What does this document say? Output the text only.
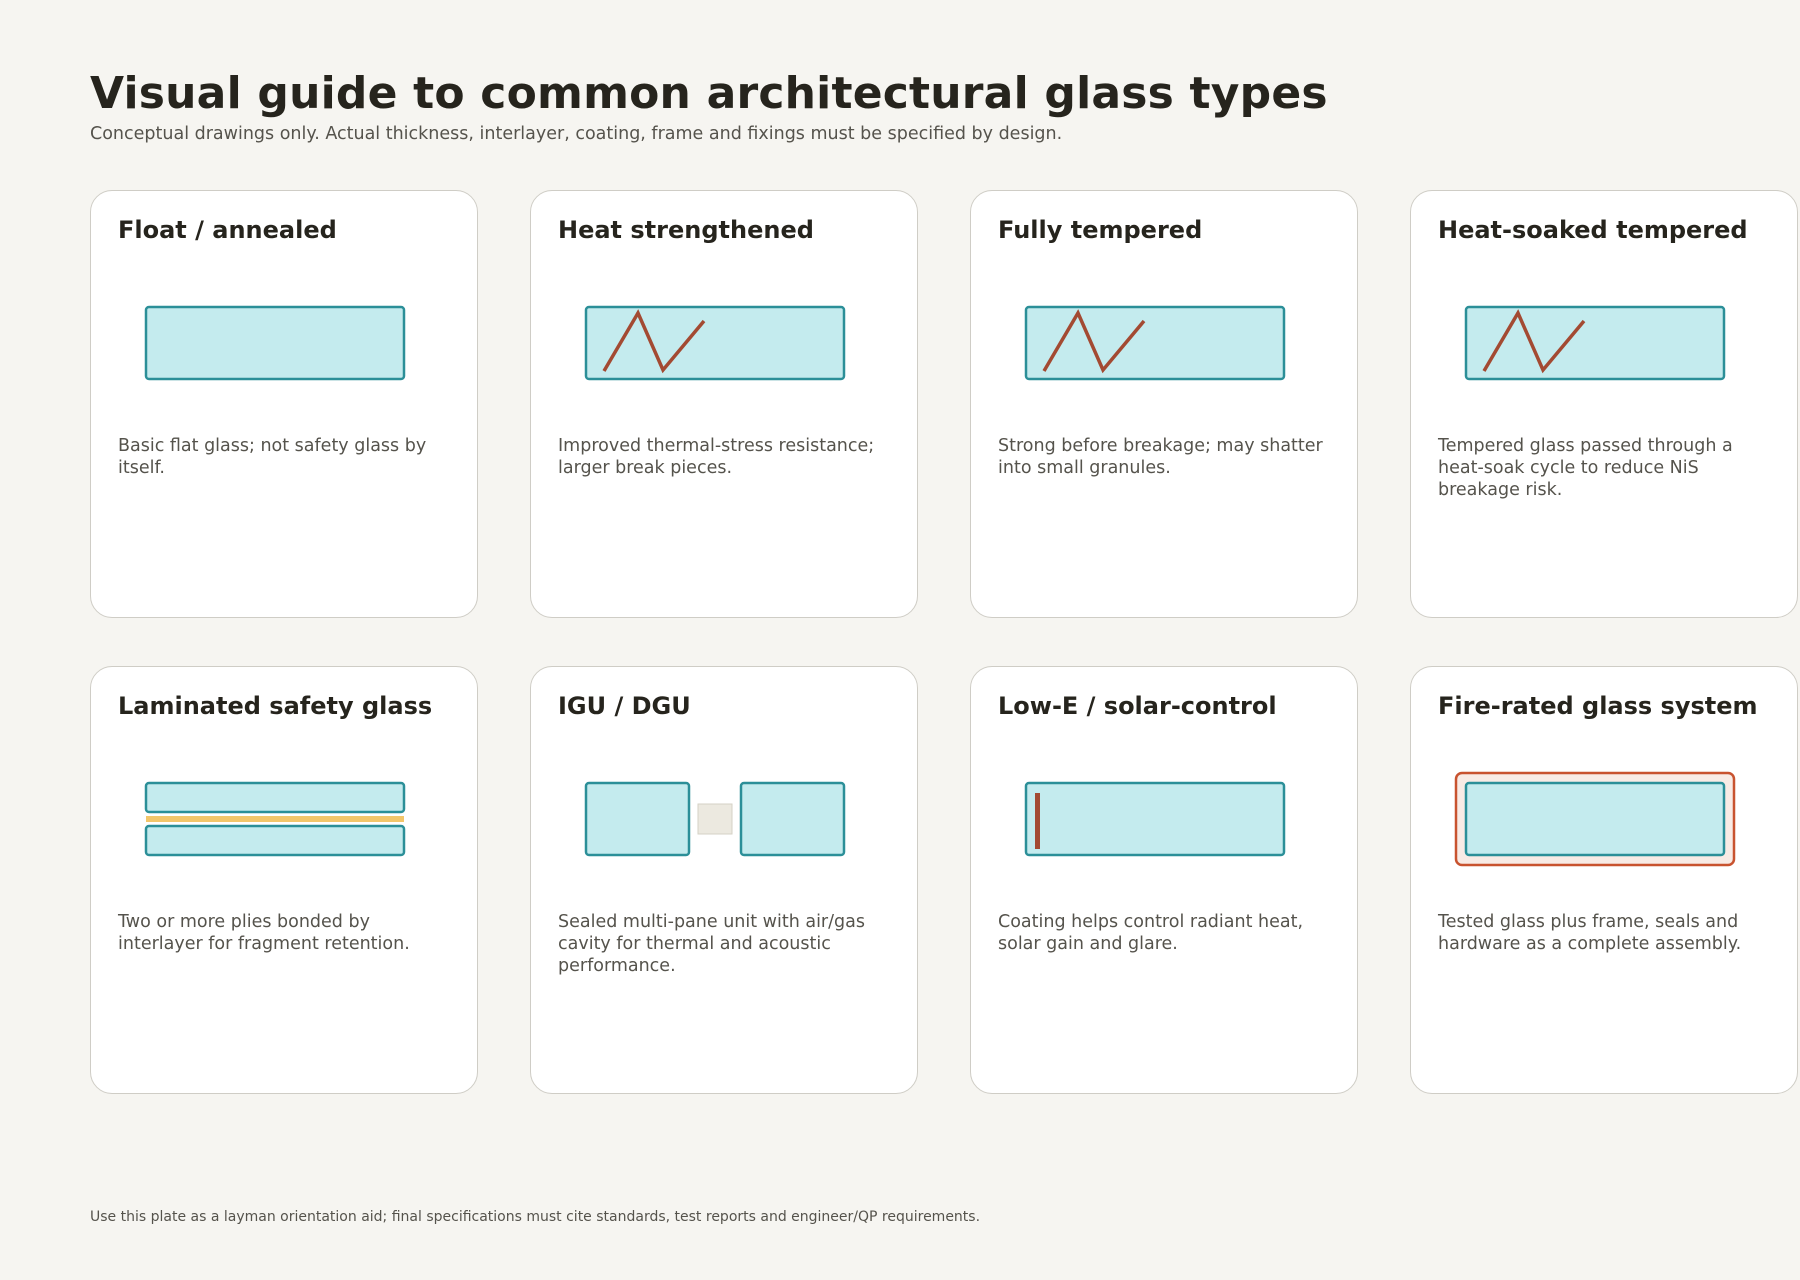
Visual guide to common architectural glass types

Conceptual drawings only. Actual thickness, interlayer, coating, frame and fixings must be specified by design.

Float / annealed
Basic flat glass; not safety glass by itself.
Heat strengthened
Improved thermal-stress resistance; larger break pieces.
Fully tempered
Strong before breakage; may shatter into small granules.
Heat-soaked tempered
Tempered glass passed through a heat-soak cycle to reduce NiS breakage risk.
Laminated safety glass
Two or more plies bonded by interlayer for fragment retention.
IGU / DGU
Sealed multi-pane unit with air/gas cavity for thermal and acoustic performance.
Low-E / solar-control
Coating helps control radiant heat, solar gain and glare.
Fire-rated glass system
Tested glass plus frame, seals and hardware as a complete assembly.

Use this plate as a layman orientation aid; final specifications must cite standards, test reports and engineer/QP requirements.
